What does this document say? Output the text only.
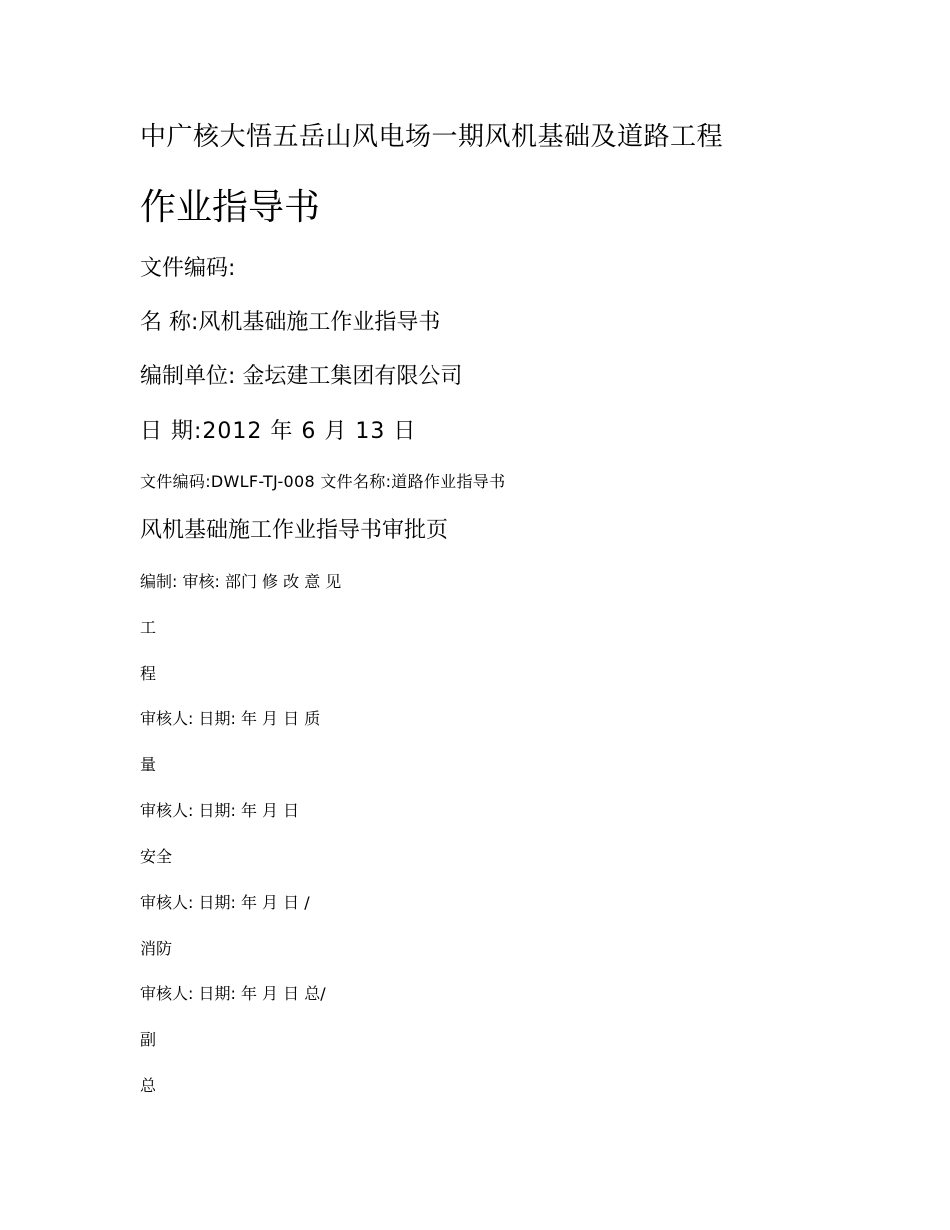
中广核大悟五岳山风电场一期风机基础及道路工程
作业指导书
文件编码:
名 称:风机基础施工作业指导书
编制单位: 金坛建工集团有限公司
日 期:2012 年 6 月 13 日
文件编码:DWLF-TJ-008 文件名称:道路作业指导书
风机基础施工作业指导书审批页
编制: 审核: 部门 修 改 意 见
工
程
审核人: 日期: 年 月 日 质
量
审核人: 日期: 年 月 日
安全
审核人: 日期: 年 月 日 /
消防
审核人: 日期: 年 月 日 总/
副
总
